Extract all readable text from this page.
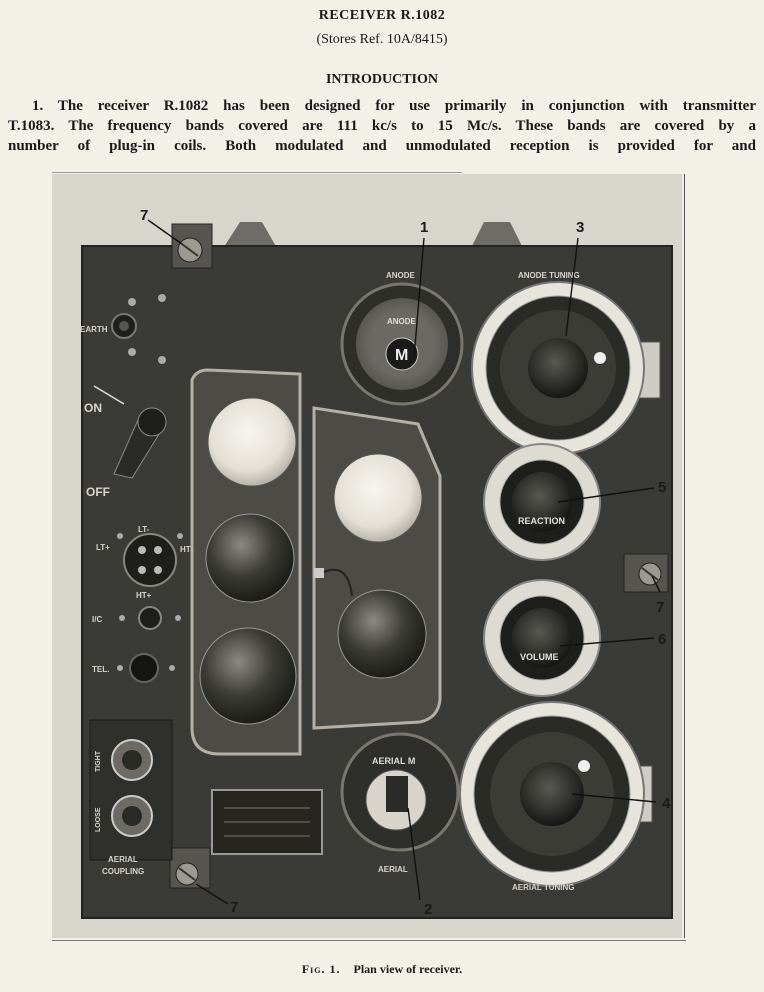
RECEIVER R.1082
(Stores Ref. 10A/8415)
INTRODUCTION
1. The receiver R.1082 has been designed for use primarily in conjunction with transmitter
T.1083. The frequency bands covered are 111 kc/s to 15 Mc/s. These bands are covered by a
number of plug-in coils. Both modulated and unmodulated reception is provided for and
ANODE	ANODE TUNING
EARTH
ON
OFF
LT-
LT+	HT-
HT+
I/C
TEL.
TIGHT
LOOSE
AERIAL
COUPLING	AERIAL
AERIAL TUNING
REACTION
VOLUME
M
ANODE
AERIAL M
1
2
3
4
5
6
7
7
7
Fig. 1. Plan view of receiver.
